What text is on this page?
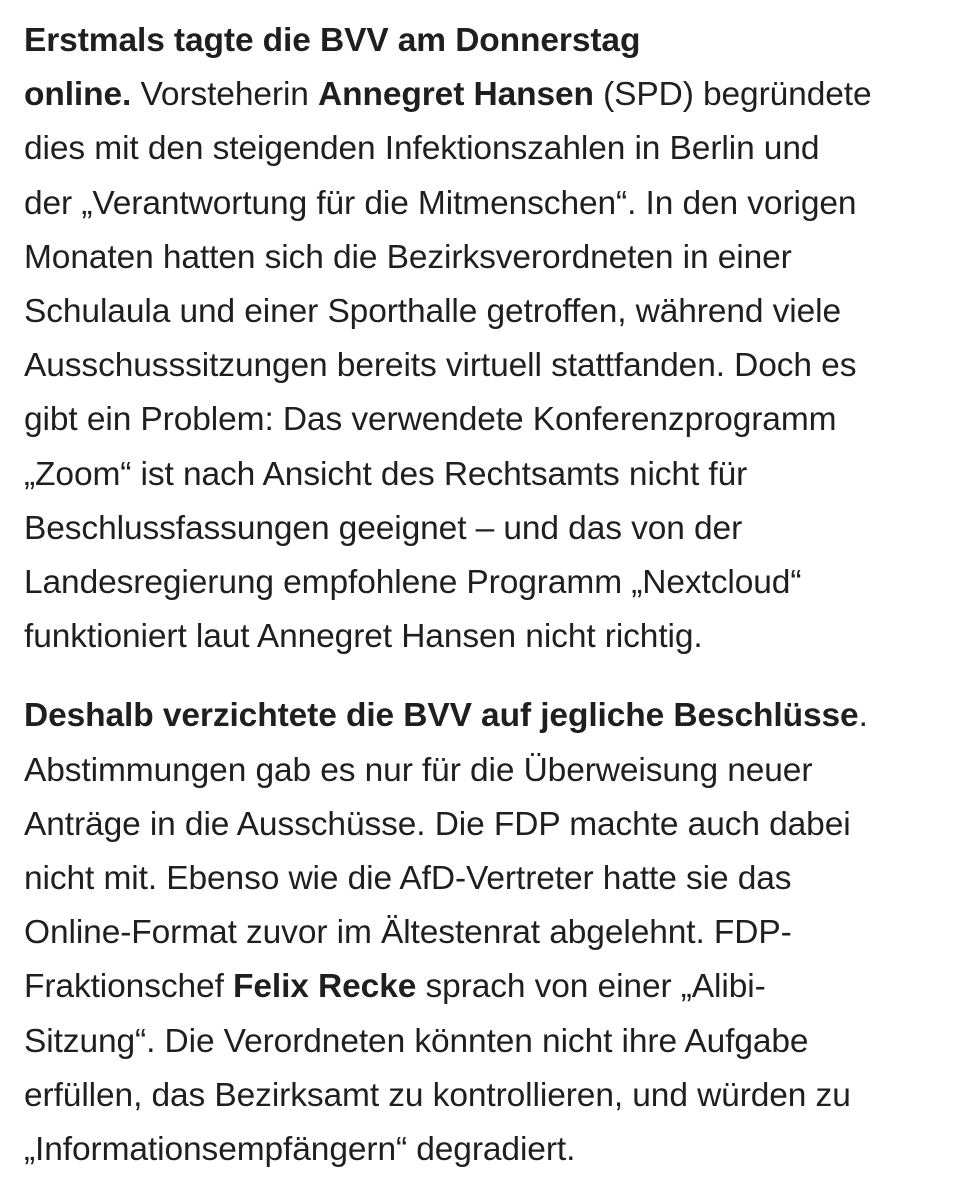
Erstmals tagte die BVV am Donnerstag
online. Vorsteherin Annegret Hansen (SPD) begründete
dies mit den steigenden Infektionszahlen in Berlin und
der „Verantwortung für die Mitmenschen“. In den vorigen
Monaten hatten sich die Bezirksverordneten in einer
Schulaula und einer Sporthalle getroffen, während viele
Ausschusssitzungen bereits virtuell stattfanden. Doch es
gibt ein Problem: Das verwendete Konferenzprogramm
„Zoom“ ist nach Ansicht des Rechtsamts nicht für
Beschlussfassungen geeignet – und das von der
Landesregierung empfohlene Programm „Nextcloud“
funktioniert laut Annegret Hansen nicht richtig.

Deshalb verzichtete die BVV auf jegliche Beschlüsse.
Abstimmungen gab es nur für die Überweisung neuer
Anträge in die Ausschüsse. Die FDP machte auch dabei
nicht mit. Ebenso wie die AfD-Vertreter hatte sie das
Online-Format zuvor im Ältestenrat abgelehnt. FDP-
Fraktionschef Felix Recke sprach von einer „Alibi-
Sitzung“. Die Verordneten könnten nicht ihre Aufgabe
erfüllen, das Bezirksamt zu kontrollieren, und würden zu
„Informationsempfängern“ degradiert.
